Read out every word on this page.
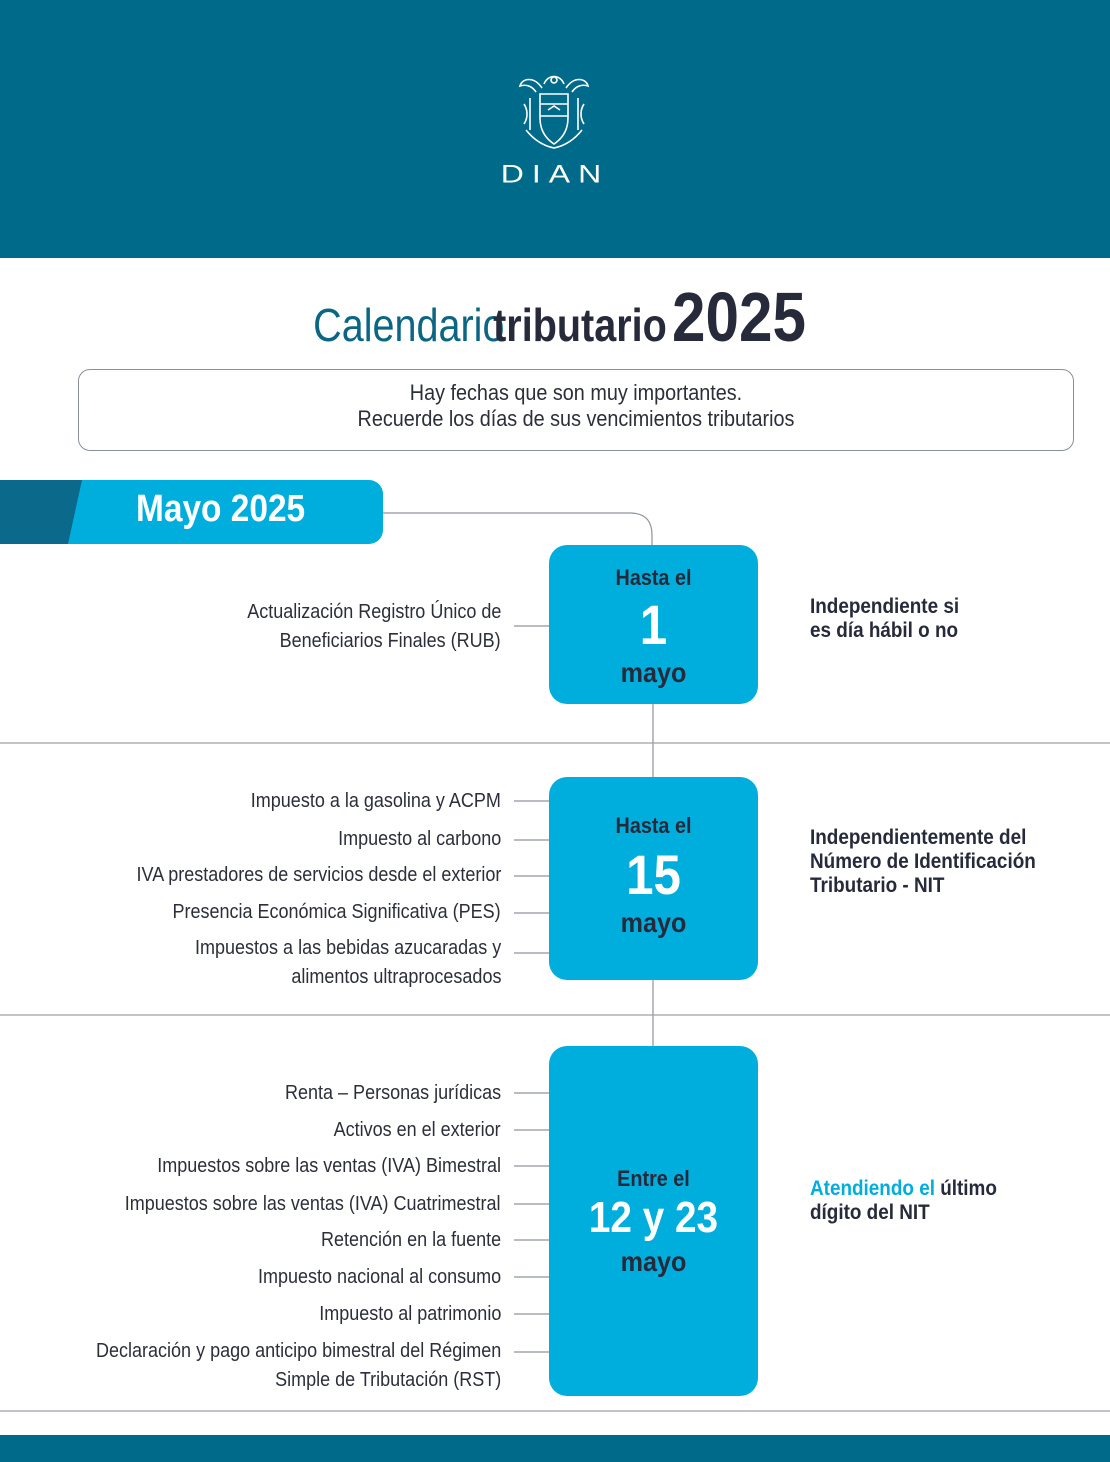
DIAN
Calendario tributario 2025
Hay fechas que son muy importantes.
Recuerde los días de sus vencimientos tributarios
Mayo 2025
Hasta el
1
mayo
Actualización Registro Único de
Beneficiarios Finales (RUB)
Independiente si
es día hábil o no
Hasta el
15
mayo
Impuesto a la gasolina y ACPM
Impuesto al carbono
IVA prestadores de servicios desde el exterior
Presencia Económica Significativa (PES)
Impuestos a las bebidas azucaradas y
alimentos ultraprocesados
Independientemente del
Número de Identificación
Tributario - NIT
Entre el
12 y 23
mayo
Renta – Personas jurídicas
Activos en el exterior
Impuestos sobre las ventas (IVA) Bimestral
Impuestos sobre las ventas (IVA) Cuatrimestral
Retención en la fuente
Impuesto nacional al consumo
Impuesto al patrimonio
Declaración y pago anticipo bimestral del Régimen
Simple de Tributación (RST)
Atendiendo el último
dígito del NIT
